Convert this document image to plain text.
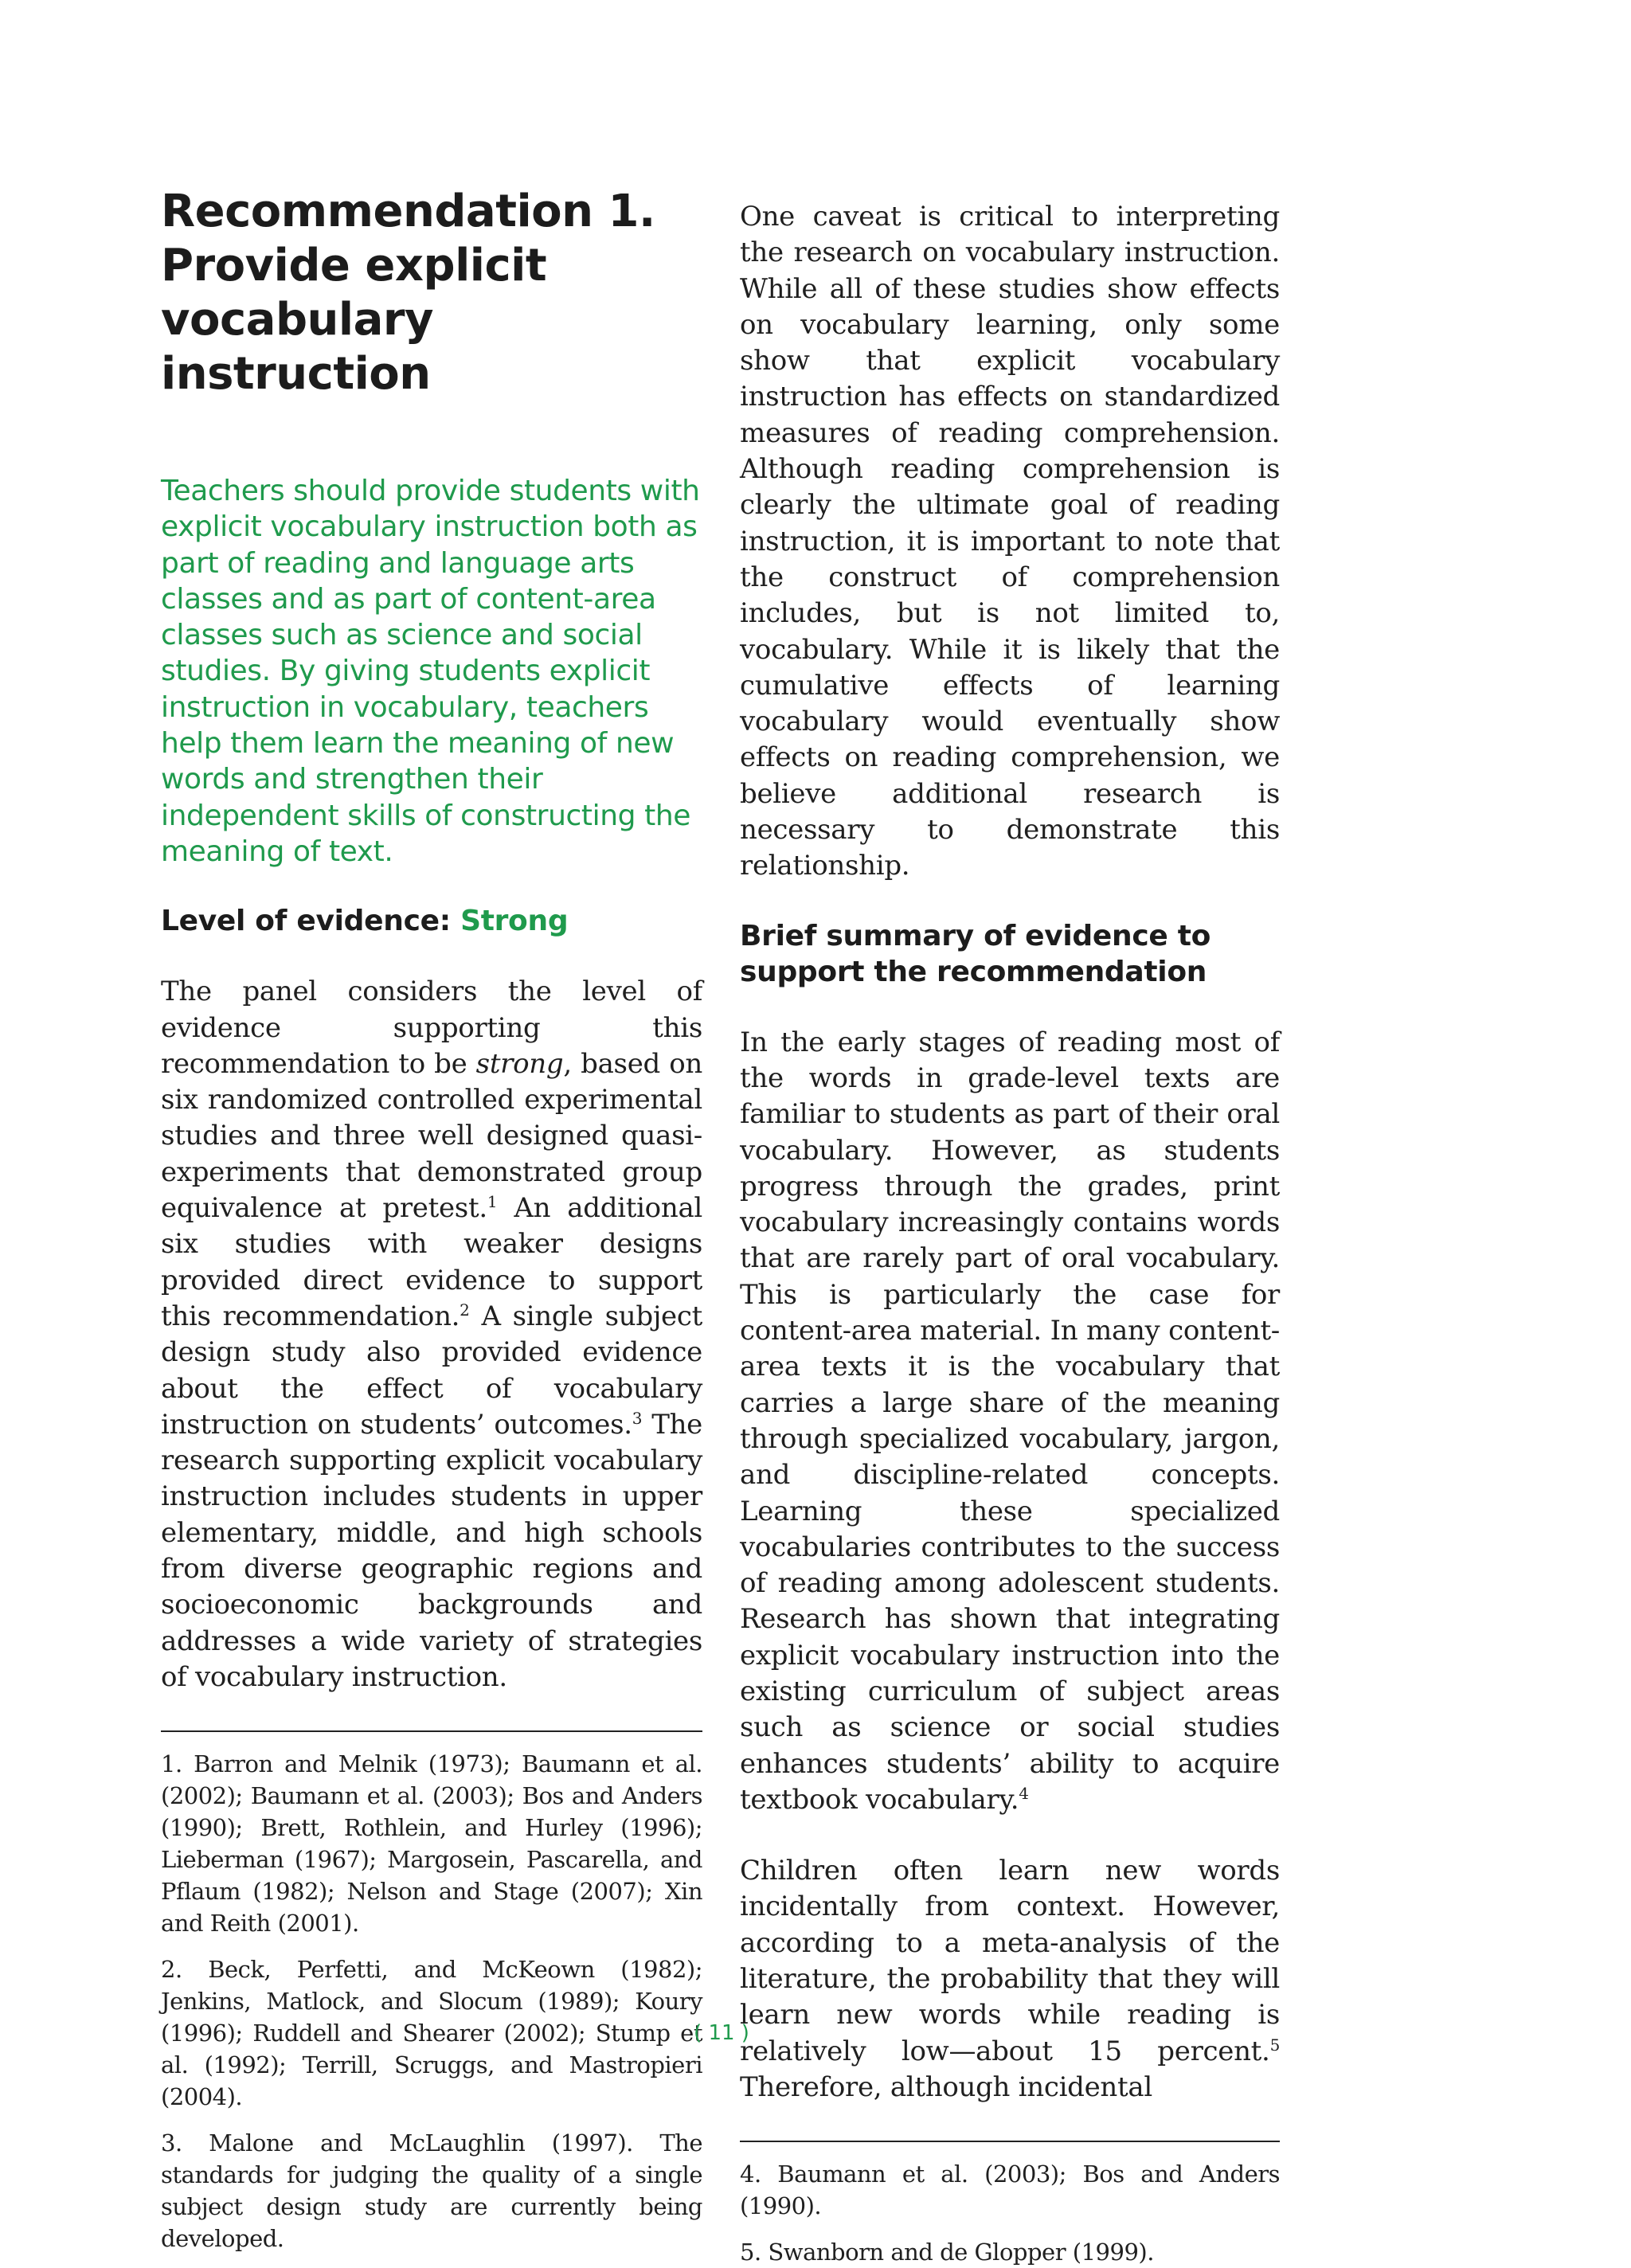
Recommendation 1.
Provide explicit
vocabulary instruction

Teachers should provide students with explicit vocabulary instruction both as part of reading and language arts classes and as part of content-area classes such as science and social studies. By giving students explicit instruction in vocabulary, teachers help them learn the meaning of new words and strengthen their independent skills of constructing the meaning of text.

Level of evidence: Strong

The panel considers the level of evidence supporting this recommendation to be strong, based on six randomized controlled experimental studies and three well designed quasi-experiments that demonstrated group equivalence at pretest.$^1$ An additional six studies with weaker designs provided direct evidence to support this recommendation.$^2$ A single subject design study also provided evidence about the effect of vocabulary instruction on students’ outcomes.$^3$ The research supporting explicit vocabulary instruction includes students in upper elementary, middle, and high schools from diverse geographic regions and socioeconomic backgrounds and addresses a wide variety of strategies of vocabulary instruction.

1. Barron and Melnik (1973); Baumann et al. (2002); Baumann et al. (2003); Bos and Anders (1990); Brett, Rothlein, and Hurley (1996); Lieberman (1967); Margosein, Pascarella, and Pflaum (1982); Nelson and Stage (2007); Xin and Reith (2001).

2. Beck, Perfetti, and McKeown (1982); Jenkins, Matlock, and Slocum (1989); Koury (1996); Ruddell and Shearer (2002); Stump et al. (1992); Terrill, Scruggs, and Mastropieri (2004).

3. Malone and McLaughlin (1997). The standards for judging the quality of a single subject design study are currently being developed.

One caveat is critical to interpreting the research on vocabulary instruction. While all of these studies show effects on vocabulary learning, only some show that explicit vocabulary instruction has effects on standardized measures of reading comprehension. Although reading comprehension is clearly the ultimate goal of reading instruction, it is important to note that the construct of comprehension includes, but is not limited to, vocabulary. While it is likely that the cumulative effects of learning vocabulary would eventually show effects on reading comprehension, we believe additional research is necessary to demonstrate this relationship.

Brief summary of evidence to support the recommendation

In the early stages of reading most of the words in grade-level texts are familiar to students as part of their oral vocabulary. However, as students progress through the grades, print vocabulary increasingly contains words that are rarely part of oral vocabulary. This is particularly the case for content-area material. In many content-area texts it is the vocabulary that carries a large share of the meaning through specialized vocabulary, jargon, and discipline-related concepts. Learning these specialized vocabularies contributes to the success of reading among adolescent students. Research has shown that integrating explicit vocabulary instruction into the existing curriculum of subject areas such as science or social studies enhances students’ ability to acquire textbook vocabulary.$^4$

Children often learn new words incidentally from context. However, according to a meta-analysis of the literature, the probability that they will learn new words while reading is relatively low—about 15 percent.$^5$ Therefore, although incidental

4. Baumann et al. (2003); Bos and Anders (1990).

5. Swanborn and de Glopper (1999).

( 11 )
